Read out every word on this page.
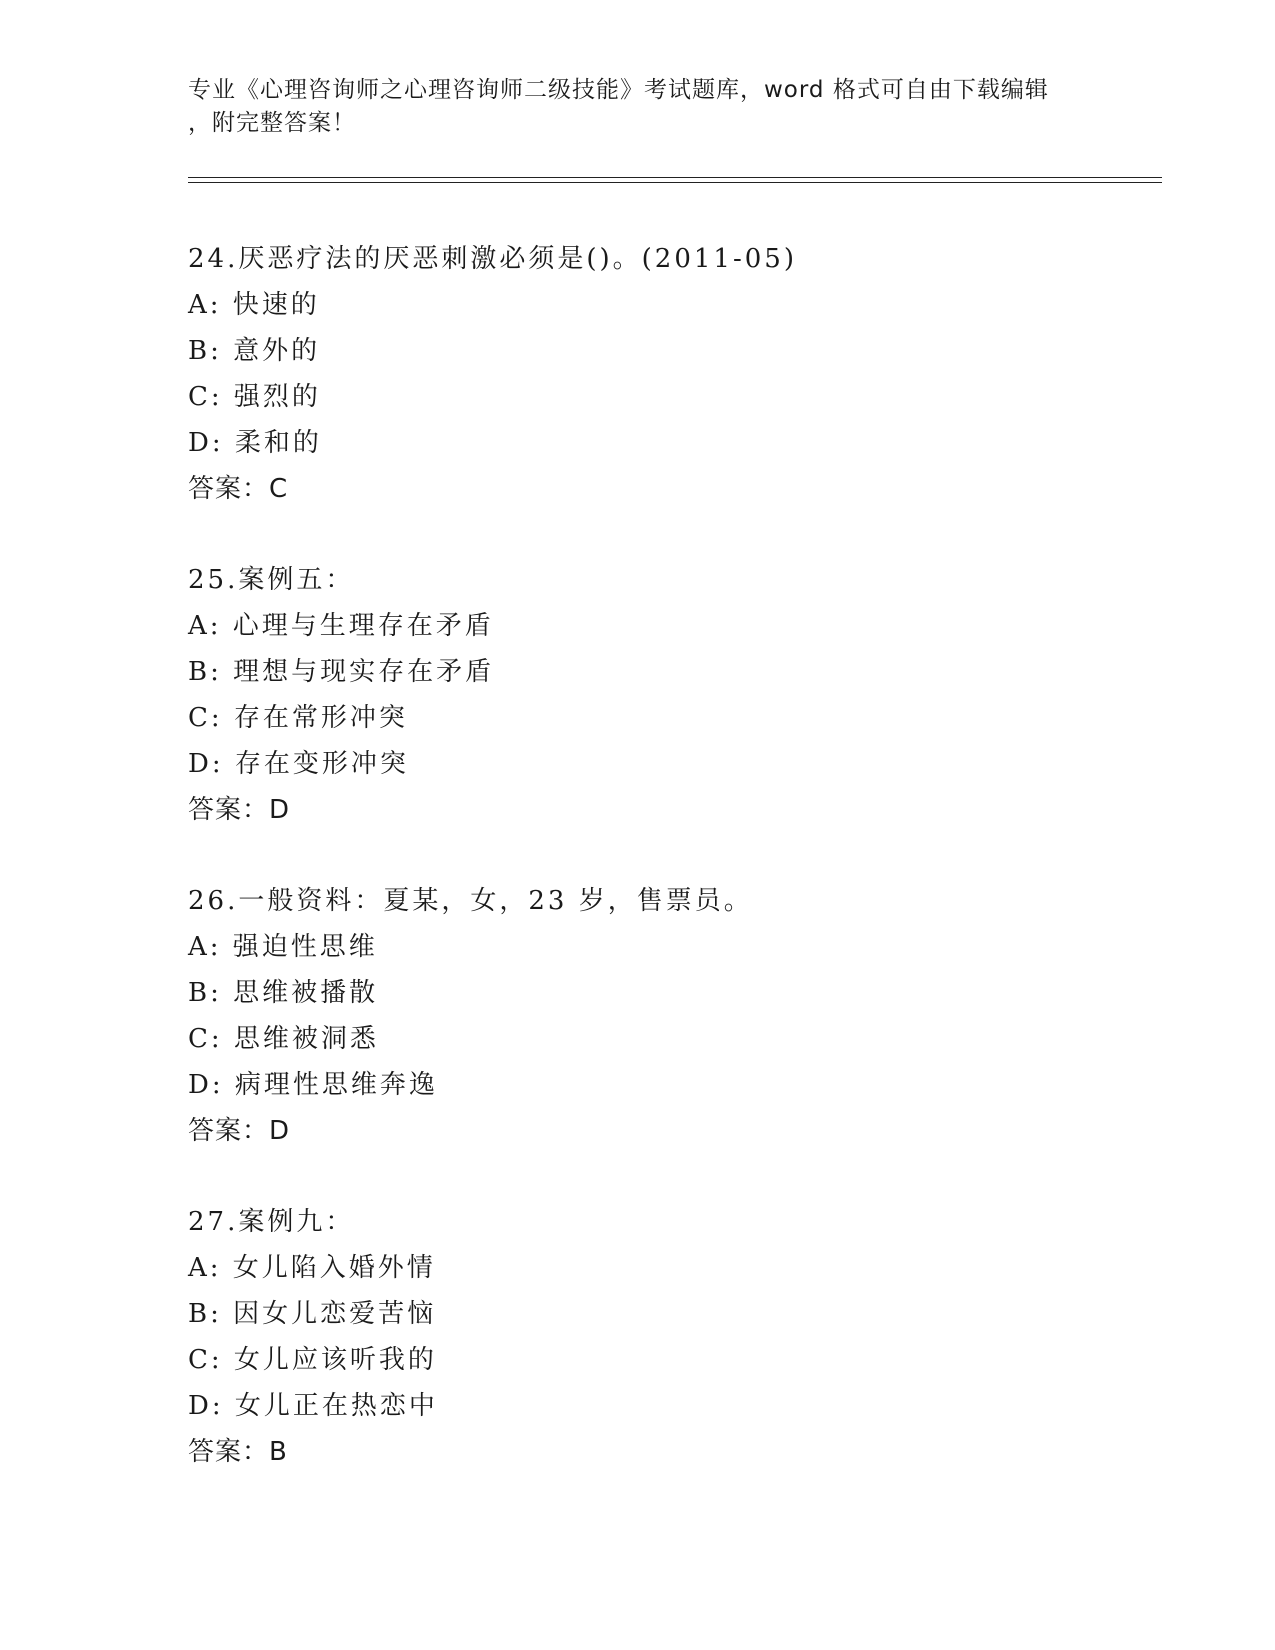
专业《心理咨询师之心理咨询师二级技能》考试题库，word 格式可自由下载编辑
，附完整答案！
24.厌恶疗法的厌恶刺激必须是()。(2011-05)
A: 快速的
B: 意外的
C: 强烈的
D: 柔和的
答案：C
25.案例五：
A: 心理与生理存在矛盾
B: 理想与现实存在矛盾
C: 存在常形冲突
D: 存在变形冲突
答案：D
26.一般资料：夏某，女，23 岁，售票员。
A: 强迫性思维
B: 思维被播散
C: 思维被洞悉
D: 病理性思维奔逸
答案：D
27.案例九：
A: 女儿陷入婚外情
B: 因女儿恋爱苦恼
C: 女儿应该听我的
D: 女儿正在热恋中
答案：B
